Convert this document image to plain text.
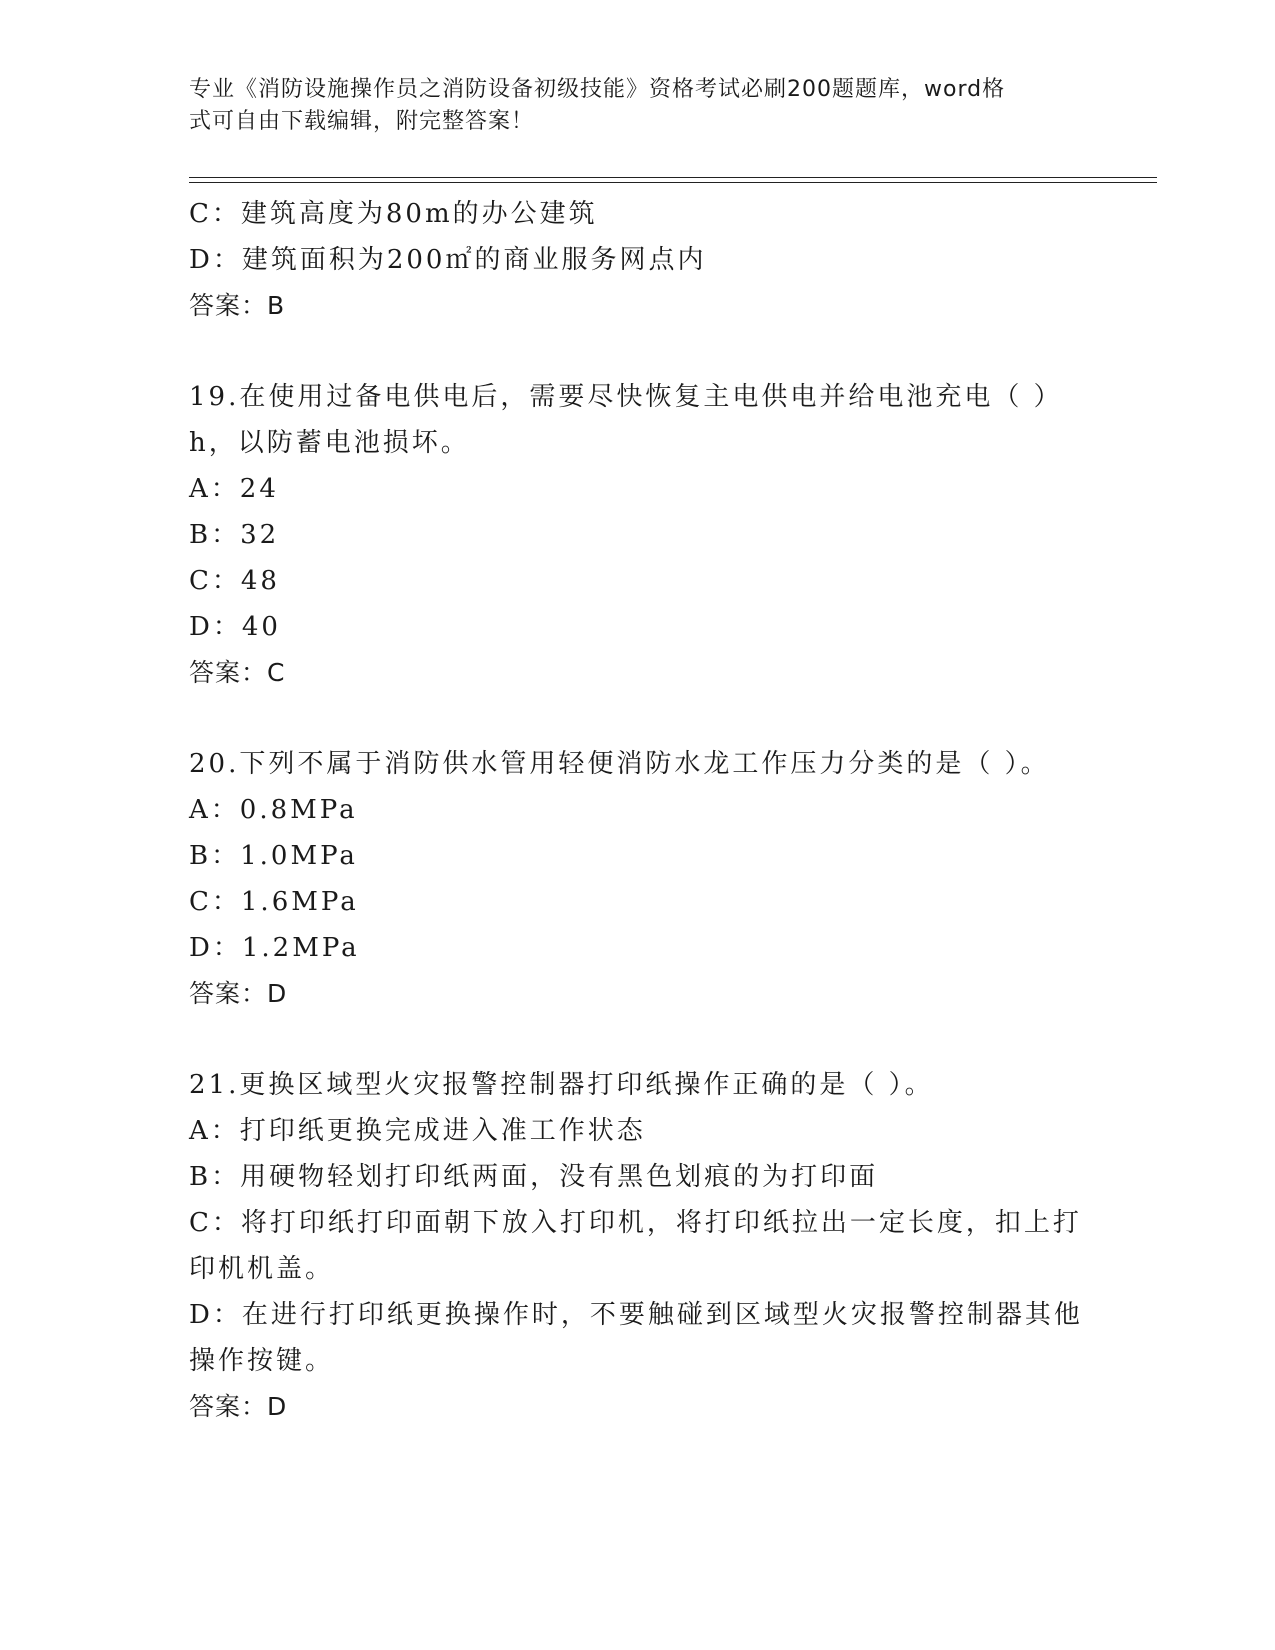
专业《消防设施操作员之消防设备初级技能》资格考试必刷200题题库，word格

式可自由下载编辑，附完整答案！

C：建筑高度为80m的办公建筑
D：建筑面积为200㎡的商业服务网点内
答案：B
19.在使用过备电供电后，需要尽快恢复主电供电并给电池充电（ ）
h，以防蓄电池损坏。
A：24
B：32
C：48
D：40
答案：C
20.下列不属于消防供水管用轻便消防水龙工作压力分类的是（ ）。
A：0.8MPa
B：1.0MPa
C：1.6MPa
D：1.2MPa
答案：D
21.更换区域型火灾报警控制器打印纸操作正确的是（ ）。
A：打印纸更换完成进入准工作状态
B：用硬物轻划打印纸两面，没有黑色划痕的为打印面
C：将打印纸打印面朝下放入打印机，将打印纸拉出一定长度，扣上打
印机机盖。
D：在进行打印纸更换操作时，不要触碰到区域型火灾报警控制器其他
操作按键。
答案：D
